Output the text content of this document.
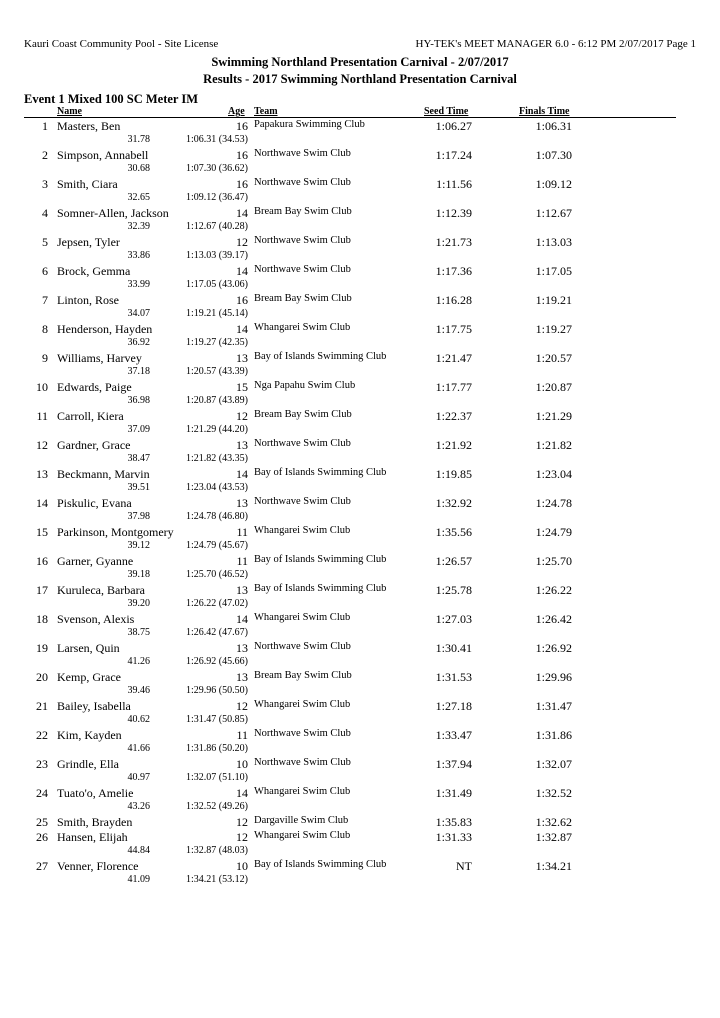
Kauri Coast Community Pool - Site License	HY-TEK's MEET MANAGER 6.0 - 6:12 PM 2/07/2017 Page 1
Swimming Northland Presentation Carnival - 2/07/2017
Results - 2017 Swimming Northland Presentation Carnival
Event 1 Mixed 100 SC Meter IM
Name	Age Team	Seed Time	Finals Time
1 Masters, Ben	16 Papakura Swimming Club	1:06.27	1:06.31
31.78	1:06.31 (34.53)
2 Simpson, Annabell	16 Northwave Swim Club	1:17.24	1:07.30
30.68	1:07.30 (36.62)
3 Smith, Ciara	16 Northwave Swim Club	1:11.56	1:09.12
32.65	1:09.12 (36.47)
4 Somner-Allen, Jackson	14 Bream Bay Swim Club	1:12.39	1:12.67
32.39	1:12.67 (40.28)
5 Jepsen, Tyler	12 Northwave Swim Club	1:21.73	1:13.03
33.86	1:13.03 (39.17)
6 Brock, Gemma	14 Northwave Swim Club	1:17.36	1:17.05
33.99	1:17.05 (43.06)
7 Linton, Rose	16 Bream Bay Swim Club	1:16.28	1:19.21
34.07	1:19.21 (45.14)
8 Henderson, Hayden	14 Whangarei Swim Club	1:17.75	1:19.27
36.92	1:19.27 (42.35)
9 Williams, Harvey	13 Bay of Islands Swimming Club	1:21.47	1:20.57
37.18	1:20.57 (43.39)
10 Edwards, Paige	15 Nga Papahu Swim Club	1:17.77	1:20.87
36.98	1:20.87 (43.89)
11 Carroll, Kiera	12 Bream Bay Swim Club	1:22.37	1:21.29
37.09	1:21.29 (44.20)
12 Gardner, Grace	13 Northwave Swim Club	1:21.92	1:21.82
38.47	1:21.82 (43.35)
13 Beckmann, Marvin	14 Bay of Islands Swimming Club	1:19.85	1:23.04
39.51	1:23.04 (43.53)
14 Piskulic, Evana	13 Northwave Swim Club	1:32.92	1:24.78
37.98	1:24.78 (46.80)
15 Parkinson, Montgomery	11 Whangarei Swim Club	1:35.56	1:24.79
39.12	1:24.79 (45.67)
16 Garner, Gyanne	11 Bay of Islands Swimming Club	1:26.57	1:25.70
39.18	1:25.70 (46.52)
17 Kuruleca, Barbara	13 Bay of Islands Swimming Club	1:25.78	1:26.22
39.20	1:26.22 (47.02)
18 Svenson, Alexis	14 Whangarei Swim Club	1:27.03	1:26.42
38.75	1:26.42 (47.67)
19 Larsen, Quin	13 Northwave Swim Club	1:30.41	1:26.92
41.26	1:26.92 (45.66)
20 Kemp, Grace	13 Bream Bay Swim Club	1:31.53	1:29.96
39.46	1:29.96 (50.50)
21 Bailey, Isabella	12 Whangarei Swim Club	1:27.18	1:31.47
40.62	1:31.47 (50.85)
22 Kim, Kayden	11 Northwave Swim Club	1:33.47	1:31.86
41.66	1:31.86 (50.20)
23 Grindle, Ella	10 Northwave Swim Club	1:37.94	1:32.07
40.97	1:32.07 (51.10)
24 Tuato'o, Amelie	14 Whangarei Swim Club	1:31.49	1:32.52
43.26	1:32.52 (49.26)
25 Smith, Brayden	12 Dargaville Swim Club	1:35.83	1:32.62
26 Hansen, Elijah	12 Whangarei Swim Club	1:31.33	1:32.87
44.84	1:32.87 (48.03)
27 Venner, Florence	10 Bay of Islands Swimming Club	NT	1:34.21
41.09	1:34.21 (53.12)
